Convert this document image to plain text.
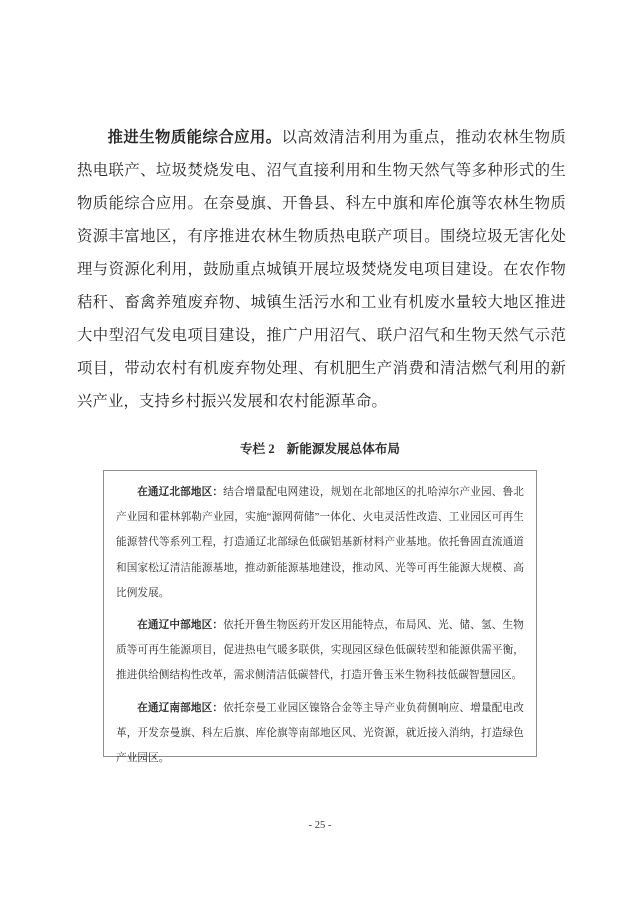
推进生物质能综合应用。以高效清洁利用为重点，推动农林生物质热电联产、垃圾焚烧发电、沼气直接利用和生物天然气等多种形式的生物质能综合应用。在奈曼旗、开鲁县、科左中旗和库伦旗等农林生物质资源丰富地区，有序推进农林生物质热电联产项目。围绕垃圾无害化处理与资源化利用，鼓励重点城镇开展垃圾焚烧发电项目建设。在农作物秸秆、畜禽养殖废弃物、城镇生活污水和工业有机废水量较大地区推进大中型沼气发电项目建设，推广户用沼气、联户沼气和生物天然气示范项目，带动农村有机废弃物处理、有机肥生产消费和清洁燃气利用的新兴产业，支持乡村振兴发展和农村能源革命。

专栏 2 新能源发展总体布局

在通辽北部地区：结合增量配电网建设，规划在北部地区的扎哈淖尔产业园、鲁北产业园和霍林郭勒产业园，实施“源网荷储”一体化、火电灵活性改造、工业园区可再生能源替代等系列工程，打造通辽北部绿色低碳铝基新材料产业基地。依托鲁固直流通道和国家松辽清洁能源基地，推动新能源基地建设，推动风、光等可再生能源大规模、高比例发展。

在通辽中部地区：依托开鲁生物医药开发区用能特点，布局风、光、储、氢、生物质等可再生能源项目，促进热电气暖多联供，实现园区绿色低碳转型和能源供需平衡，推进供给侧结构性改革，需求侧清洁低碳替代，打造开鲁玉米生物科技低碳智慧园区。

在通辽南部地区：依托奈曼工业园区镍铬合金等主导产业负荷侧响应、增量配电改革，开发奈曼旗、科左后旗、库伦旗等南部地区风、光资源，就近接入消纳，打造绿色产业园区。

- 25 -
